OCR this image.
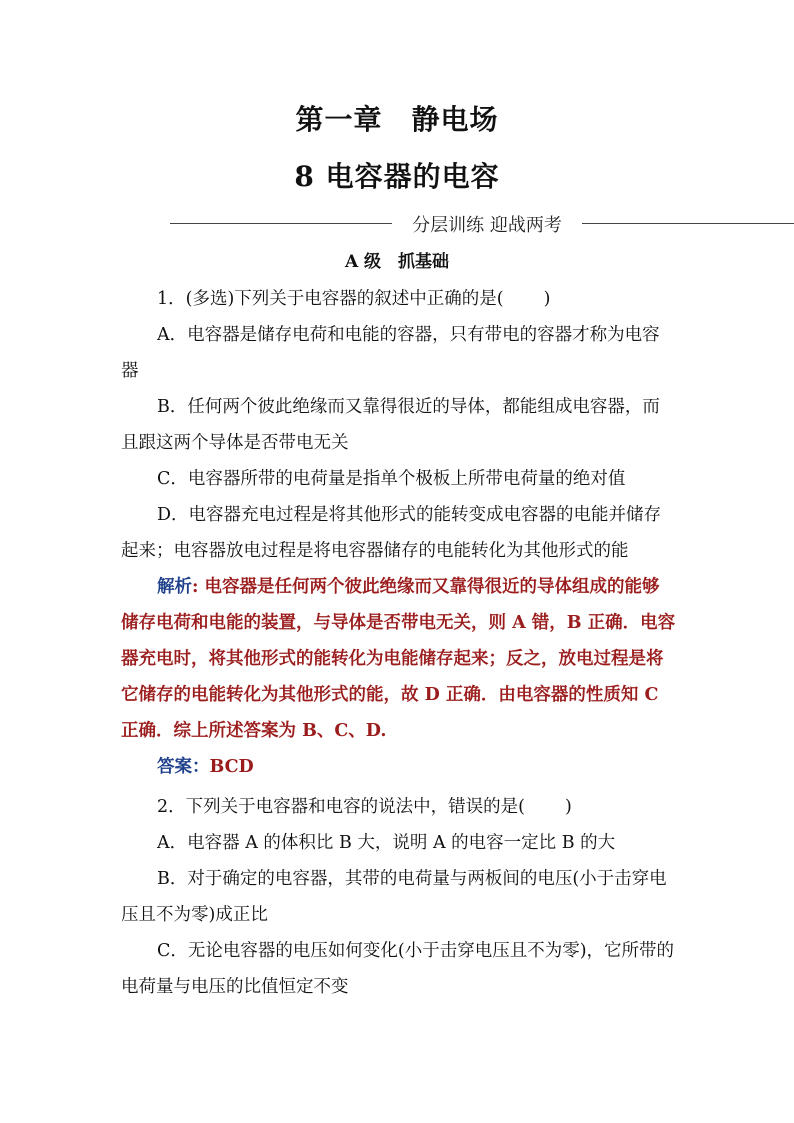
第一章　静电场
8 电容器的电容
分层训练 迎战两考
A 级　抓基础

1．(多选)下列关于电容器的叙述中正确的是( )

A．电容器是储存电荷和电能的容器，只有带电的容器才称为电容器

B．任何两个彼此绝缘而又靠得很近的导体，都能组成电容器，而且跟这两个导体是否带电无关

C．电容器所带的电荷量是指单个极板上所带电荷量的绝对值

D．电容器充电过程是将其他形式的能转变成电容器的电能并储存起来；电容器放电过程是将电容器储存的电能转化为其他形式的能

解析: 电容器是任何两个彼此绝缘而又靠得很近的导体组成的能够储存电荷和电能的装置，与导体是否带电无关，则 A 错，B 正确．电容器充电时，将其他形式的能转化为电能储存起来；反之，放电过程是将它储存的电能转化为其他形式的能，故 D 正确．由电容器的性质知 C 正确．综上所述答案为 B、C、D.

答案：BCD

2．下列关于电容器和电容的说法中，错误的是( )

A．电容器 A 的体积比 B 大，说明 A 的电容一定比 B 的大

B．对于确定的电容器，其带的电荷量与两板间的电压(小于击穿电压且不为零)成正比

C．无论电容器的电压如何变化(小于击穿电压且不为零)，它所带的电荷量与电压的比值恒定不变
